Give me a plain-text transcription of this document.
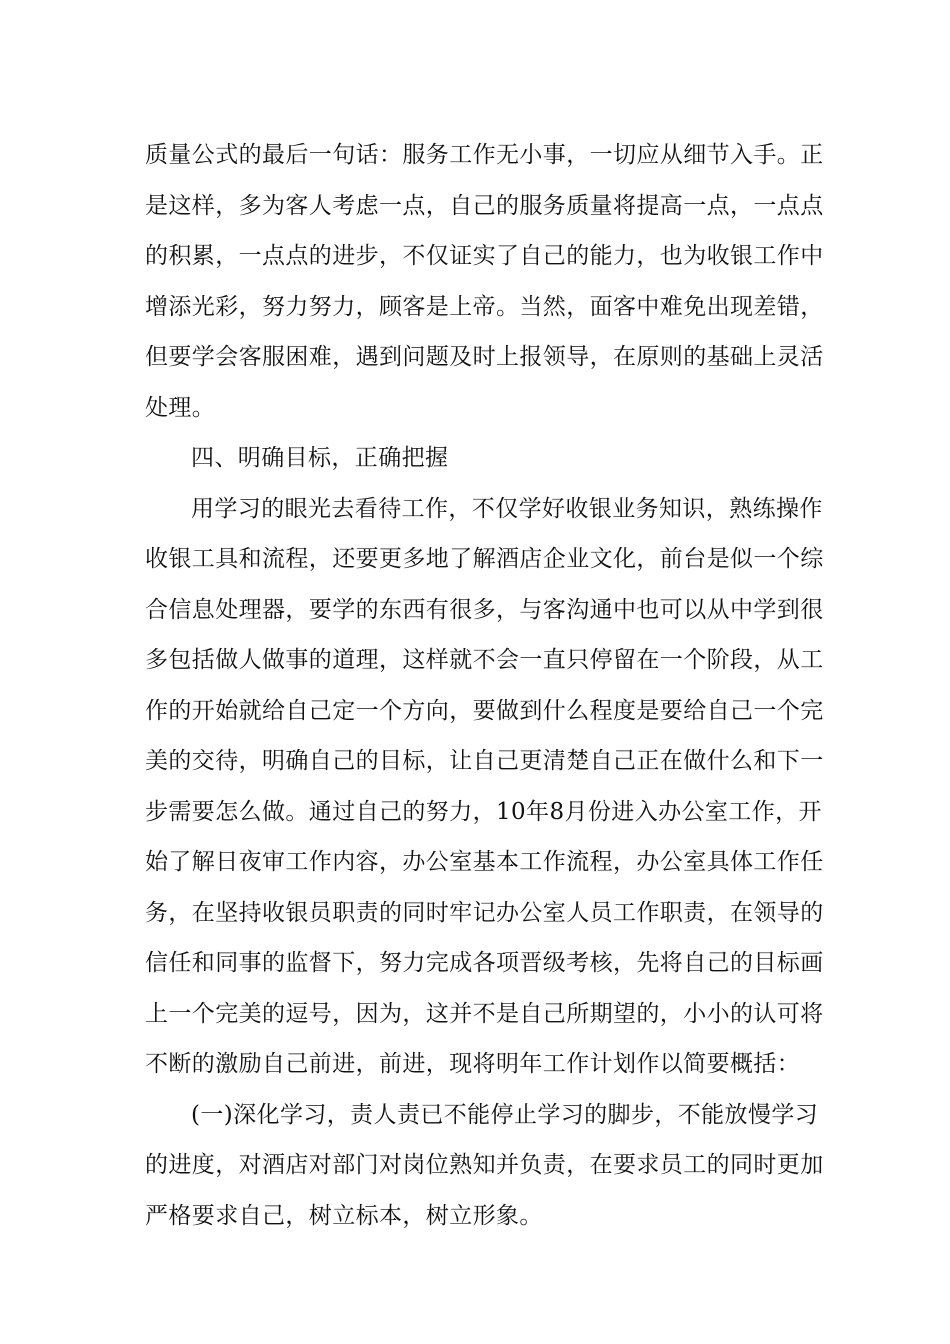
质量公式的最后一句话：服务工作无小事，一切应从细节入手。正
是这样，多为客人考虑一点，自己的服务质量将提高一点，一点点
的积累，一点点的进步，不仅证实了自己的能力，也为收银工作中
增添光彩，努力努力，顾客是上帝。当然，面客中难免出现差错，
但要学会客服困难，遇到问题及时上报领导，在原则的基础上灵活
处理。
四、明确目标，正确把握
用学习的眼光去看待工作，不仅学好收银业务知识，熟练操作
收银工具和流程，还要更多地了解酒店企业文化，前台是似一个综
合信息处理器，要学的东西有很多，与客沟通中也可以从中学到很
多包括做人做事的道理，这样就不会一直只停留在一个阶段，从工
作的开始就给自己定一个方向，要做到什么程度是要给自己一个完
美的交待，明确自己的目标，让自己更清楚自己正在做什么和下一
步需要怎么做。通过自己的努力，10年8月份进入办公室工作，开
始了解日夜审工作内容，办公室基本工作流程，办公室具体工作任
务，在坚持收银员职责的同时牢记办公室人员工作职责，在领导的
信任和同事的监督下，努力完成各项晋级考核，先将自己的目标画
上一个完美的逗号，因为，这并不是自己所期望的，小小的认可将
不断的激励自己前进，前进，现将明年工作计划作以简要概括：
(一)深化学习，责人责已不能停止学习的脚步，不能放慢学习
的进度，对酒店对部门对岗位熟知并负责，在要求员工的同时更加
严格要求自己，树立标本，树立形象。
